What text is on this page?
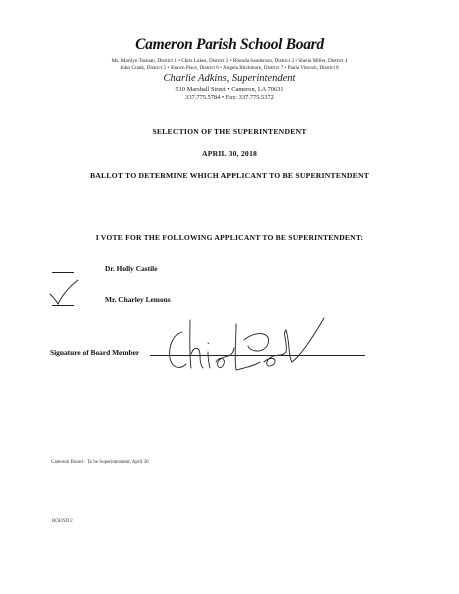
Cameron Parish School Board
Ms. Marilyn Tasman, District 1 • Chris Lukes, District 2 • Rhonda Sanderson, District 3 • Sheila Miller, District 4
John Crank, District 5 • Shawn Pisce, District 6 • Angela Bitchmore, District 7 • Paula Vierock, District 8
Charlie Adkins, Superintendent
510 Marshall Street • Cameron, LA 70631
337.775.5784 • Fax: 337.775.5372
SELECTION OF THE SUPERINTENDENT
APRIL 30, 2018
BALLOT TO DETERMINE WHICH APPLICANT TO BE SUPERINTENDENT
I VOTE FOR THE FOLLOWING APPLICANT TO BE SUPERINTENDENT:
Dr. Holly Castile
Mr. Charley Lemons
Signature of Board Member
Cameron Board - To be Superintendent, April 30
ROUND 2
